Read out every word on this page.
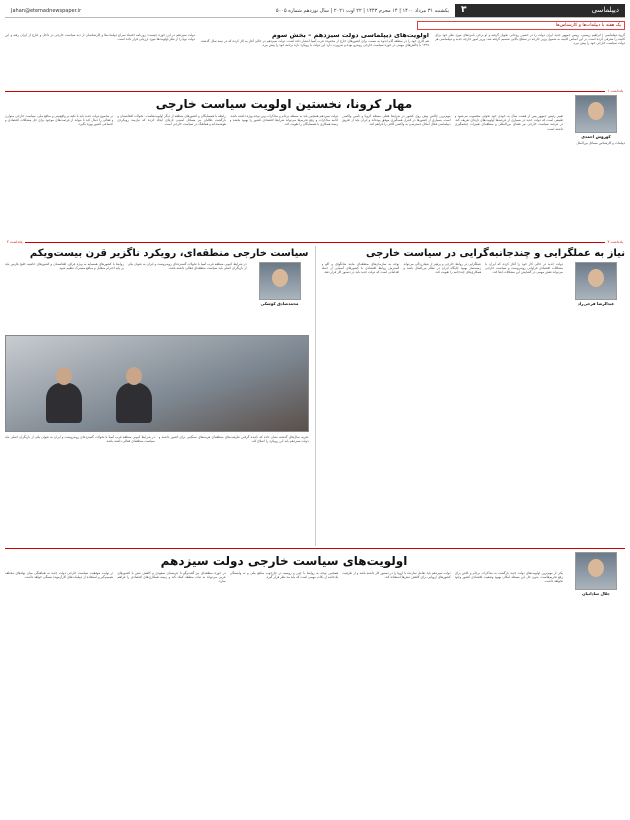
دیپلماسی
۳
یکشنبه ۳۱ مرداد ۱۴۰۰ | ۱۴ محرم ۱۴۴۳ | ۲۲ اوت ۲۰۲۱ | سال نوزدهم شماره ۵۰۰۵
Jahan@etemadnewspaper.ir
یک هفته با دیپلمات‌ها و کارشناس‌ها
گروه دیپلماسی | ابراهیم رییسی، رییس جمهور جدید ایران دولت را در حسین روحانی تحویل گرفته و او برخی نامزدهای مورد نظر خود برای کابینه را معرفی کرده است. بر این اساس کابینه به شمول وزیر خارجه در سطح بالایی تصمیم گرفته شد. وزیر امور خارجه جدید و دیپلماسی هر دولت سیاست خارجی خود را پیش ببرد.
اولویت‌های دیپلماسی دولت سیزدهم – بخش سوم
هم کاری خود را در منطقه گام اندوه به نسبت برای کشورهای خارج از محدوده عرب آسیا انتشار داده است. دولت سیزدهم در حالی آغاز به کار کرده که در نیمه سال گذشته ۱۳۹۹ با چالش‌های مهمی در حوزه سیاست خارجی روبه‌رو بوده و ضرورت دارد این دولت با رویکرد تازه برنامه خود را پیش ببرد.
دولت سیزدهم در این حوزه چیست؛ روزنامه اعتماد سراغ دیپلمات‌ها و کارشناسان از دید سیاست خارجی در داخل و خارج از ایران رفته و این دولت نوپا را از نظر اولویت‌ها مورد ارزیابی قرار داده است.
یادداشت ۱
کوروش احمدی
دیپلمات و کارشناس مسائل بین‌الملل
مهار کرونا، نخستین اولویت سیاست خارجی
تغییر رئیس جمهور پس از هشت سال به خودی خود تحولی محسوب می‌شود و طبیعی است که دولت جدید در بسیاری از عرصه‌ها اولویت‌های تازه‌ای تعریف کند. در عرصه سیاست خارجی نیز فضای بین‌المللی و منطقه‌ای تغییرات چشمگیری داشته است.
مهم‌ترین چالش پیش روی کشور در شرایط فعلی مسئله کرونا و تأمین واکسن است. بسیاری از کشورها در کنترل همه‌گیری موفق بوده‌اند و ایران باید از طریق دیپلماسی فعال امکان دسترسی به واکسن کافی را فراهم کند.
دولت سیزدهم همچنین باید به مسئله برجام و مذاکرات وین توجه ویژه داشته باشد. ادامه مذاکرات و رفع تحریم‌ها می‌تواند شرایط اقتصادی کشور را بهبود بخشد و زمینه همکاری با همسایگان را تقویت کند.
رابطه با همسایگان و کشورهای منطقه از دیگر اولویت‌هاست. تحولات افغانستان و بازگشت طالبان نیز مسائل امنیتی تازه‌ای ایجاد کرده که نیازمند رویکردی هوشمندانه و هماهنگ در سیاست خارجی است.
در مجموع دولت جدید باید با تکیه بر واقع‌بینی و منافع ملی، سیاست خارجی متوازن و فعالی را دنبال کند تا بتواند از فرصت‌های موجود برای حل مشکلات اقتصادی و اجتماعی کشور بهره بگیرد.
یادداشت ۳
یادداشت ۴
نیاز به عملگرایی و چندجانبه‌گرایی در سیاست خارجی
عبدالرضا فرجی‌راد
دولت جدید در حالی کار خود را آغاز کرده که ایران با مشکلات اقتصادی فراوانی روبه‌روست و سیاست خارجی می‌تواند نقش مهمی در گشایش این مشکلات ایفا کند.
عملگرایی در روابط خارجی و پرهیز از شعارزدگی می‌تواند زمینه‌ساز بهبود جایگاه ایران در نظام بین‌الملل باشد و همکاری‌های چندجانبه را تقویت کند.
توجه به سازمان‌های منطقه‌ای مانند شانگهای و اکو و گسترش روابط اقتصادی با کشورهای آسیایی از جمله اقداماتی است که دولت جدید باید در دستور کار قرار دهد.
سیاست خارجی منطقه‌ای، رویکرد ناگزیر قرن بیست‌ویکم
محمدصادق کوشکی
در شرایط کنونی منطقه غرب آسیا با تحولات گسترده‌ای روبه‌روست و ایران به عنوان یکی از بازیگران اصلی باید سیاست منطقه‌ای فعالی داشته باشد.
روابط با کشورهای همسایه به ویژه عراق، افغانستان و کشورهای حاشیه خلیج فارس باید بر پایه احترام متقابل و منافع مشترک تنظیم شود.
تجربه سال‌های گذشته نشان داده که نادیده گرفتن ظرفیت‌های منطقه‌ای هزینه‌های سنگینی برای کشور داشته و دولت سیزدهم باید این رویکرد را اصلاح کند.
در شرایط کنونی منطقه غرب آسیا با تحولات گسترده‌ای روبه‌روست و ایران به عنوان یکی از بازیگران اصلی باید سیاست منطقه‌ای فعالی داشته باشد.
جلال ساداتیان
اولویت‌های سیاست خارجی دولت سیزدهم
یکی از مهم‌ترین اولویت‌های دولت جدید بازگشت به مذاکرات برجام و تلاش برای رفع تحریم‌هاست. بدون حل این مسئله امکان بهبود وضعیت اقتصادی کشور وجود نخواهد داشت.
دولت سیزدهم باید تعامل سازنده با اروپا را در دستور کار داشته باشد و از ظرفیت کشورهای اروپایی برای کاهش تنش‌ها استفاده کند.
همچنین توجه به روابط با چین و روسیه در چارچوب منافع ملی و نه وابستگی یک‌جانبه از نکات مهمی است که باید مد نظر قرار گیرد.
در حوزه منطقه‌ای نیز گفت‌وگو با عربستان سعودی و کاهش تنش با کشورهای عربی می‌تواند به ثبات منطقه کمک کند و زمینه همکاری‌های اقتصادی را فراهم سازد.
در نهایت موفقیت سیاست خارجی دولت جدید به هماهنگی میان نهادهای مختلف تصمیم‌گیر و استفاده از دیپلمات‌های کارآزموده بستگی خواهد داشت.
